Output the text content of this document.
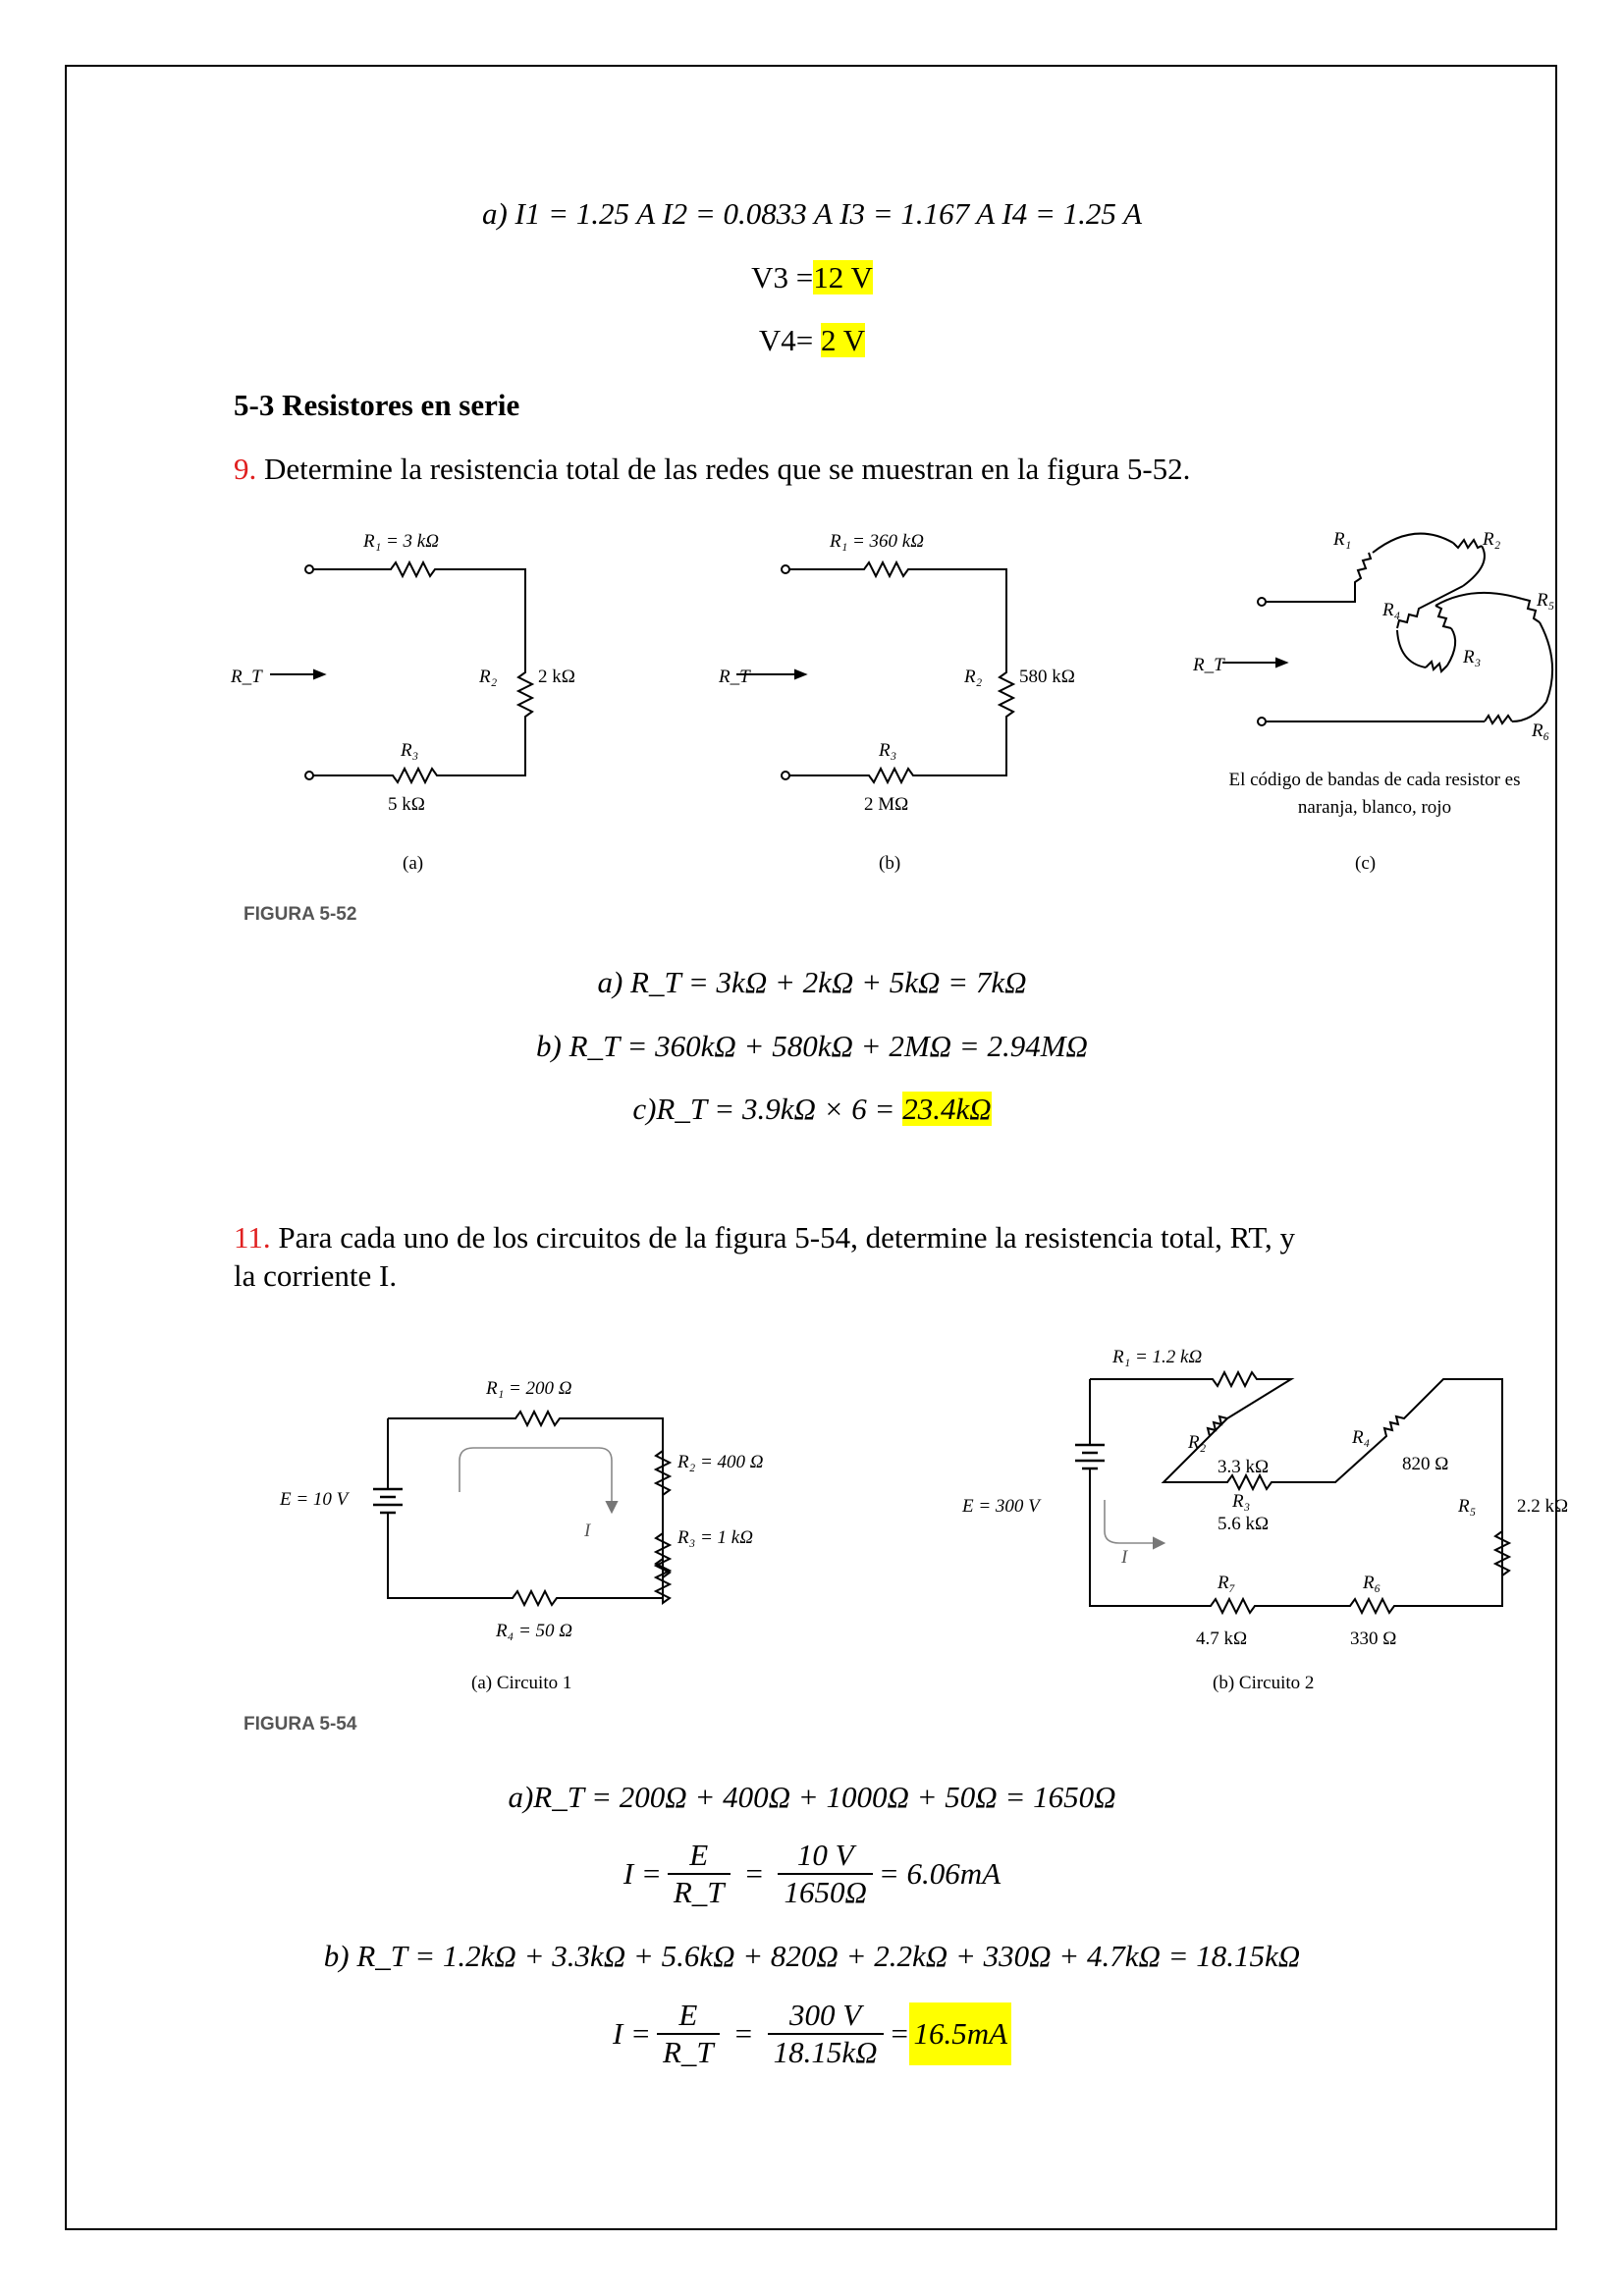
a) I1 = 1.25 A I2 = 0.0833 A I3 = 1.167 A I4 = 1.25 A
V3 =12 V
V4= 2 V
5-3 Resistores en serie
9. Determine la resistencia total de las redes que se muestran en la figura 5-52.
R₁ = 3 kΩ
R₂ 2 kΩ
R₃
5 kΩ
R_T
(a)
R₁ = 360 kΩ
R₂ 580 kΩ
R₃
2 MΩ
R_T
(b)
R₁	R₂
R₄	R₅
R₃
R₆
R_T
El código de bandas de cada resistor es
naranja, blanco, rojo
(c)
FIGURA 5-52
a) R_T = 3kΩ + 2kΩ + 5kΩ = 7kΩ
b) R_T = 360kΩ + 580kΩ + 2MΩ = 2.94MΩ
c)R_T = 3.9kΩ × 6 = 23.4kΩ
11. Para cada uno de los circuitos de la figura 5-54, determine la resistencia total, RT, y
la corriente I.
R₁ = 200 Ω
R₂ = 400 Ω
R₃ = 1 kΩ
R₄ = 50 Ω
E = 10 V
I
(a) Circuito 1
R₁ = 1.2 kΩ
R₂
3.3 kΩ
R₃
5.6 kΩ
R₄
820 Ω
R₅ 2.2 kΩ
R₆
330 Ω
R₇
4.7 kΩ
E = 300 V
I
(b) Circuito 2
FIGURA 5-54
a)R_T = 200Ω + 400Ω + 1000Ω + 50Ω = 1650Ω
$I = \frac{E}{R\_T} = \frac{10 V}{1650\Omega} = 6.06mA$
b) R_T = 1.2kΩ + 3.3kΩ + 5.6kΩ + 820Ω + 2.2kΩ + 330Ω + 4.7kΩ = 18.15kΩ
$I = \frac{E}{R\_T} = \frac{300 V}{18.15k\Omega} = 16.5mA$
